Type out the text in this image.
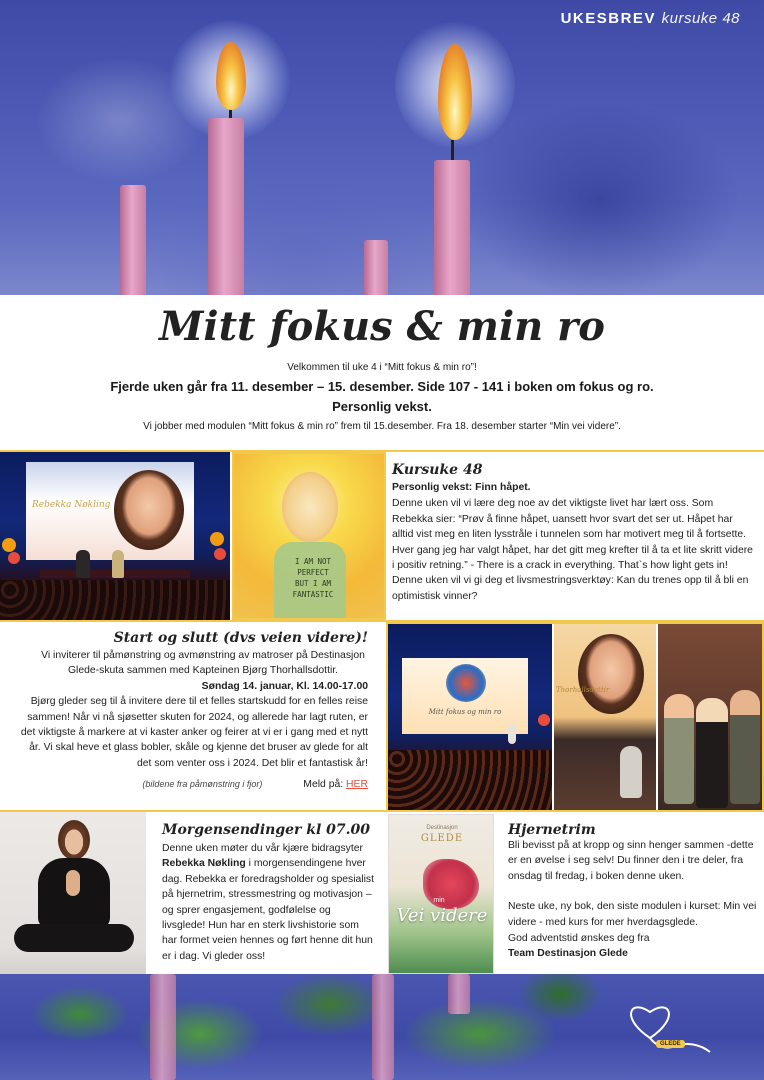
UKESBREV kursuke 48
Mitt fokus & min ro
Velkommen til uke 4 i “Mitt fokus & min ro”!
Fjerde uken går fra 11. desember – 15. desember. Side 107 - 141 i boken om fokus og ro.
Personlig vekst.
Vi jobber med modulen “Mitt fokus & min ro” frem til 15.desember. Fra 18. desember starter “Min vei videre”.
Rebekka Nøkling
I AM NOT
PERFECT
BUT I AM
FANTASTIC
Kursuke 48
Personlig vekst: Finn håpet.
Denne uken vil vi lære deg noe av det viktigste livet har lært oss. Som Rebekka sier: “Prøv å finne håpet, uansett hvor svart det ser ut. Håpet har alltid vist meg en liten lysstråle i tunnelen som har motivert meg til å fortsette. Hver gang jeg har valgt håpet, har det gitt meg krefter til å ta et lite skritt videre i positiv retning.” - There is a crack in everything. That`s how light gets in! Denne uken vil vi gi deg et livsmestringsverktøy: Kan du trenes opp til å bli en optimistisk vinner?
Start og slutt (dvs veien videre)!
Vi inviterer til påmønstring og avmønstring av matroser på Destinasjon Glede-skuta sammen med Kapteinen Bjørg Thorhallsdottir.
Søndag 14. januar, Kl. 14.00-17.00
Bjørg gleder seg til å invitere dere til et felles startskudd for en felles reise sammen! Når vi nå sjøsetter skuten for 2024, og allerede har lagt ruten, er det viktigste å markere at vi kaster anker og feirer at vi er i gang med et nytt år. Vi skal heve et glass bobler, skåle og kjenne det bruser av glede for alt det som venter oss i 2024. Det blir et fantastisk år!
(bildene fra påmønstring i fjor)	Meld på: HER
Mitt fokus og min ro
Thorhallsdottir
Morgensendinger kl 07.00
Denne uken møter du vår kjære bidragsyter Rebekka Nøkling i morgensendingene hver dag. Rebekka er foredragsholder og spesialist på hjernetrim, stressmestring og motivasjon – og sprer engasjement, godfølelse og livsglede! Hun har en sterk livshistorie som har formet veien hennes og ført henne dit hun er i dag. Vi gleder oss!
Destinasjon
GLEDE
min
Vei videre
Hjernetrim
Bli bevisst på at kropp og sinn henger sammen -dette er en øvelse i seg selv! Du finner den i tre deler, fra onsdag til fredag, i boken denne uken.
Neste uke, ny bok, den siste modulen i kurset: Min vei videre - med kurs for mer hverdagsglede.
God adventstid ønskes deg fra
Team Destinasjon Glede
GLEDE
